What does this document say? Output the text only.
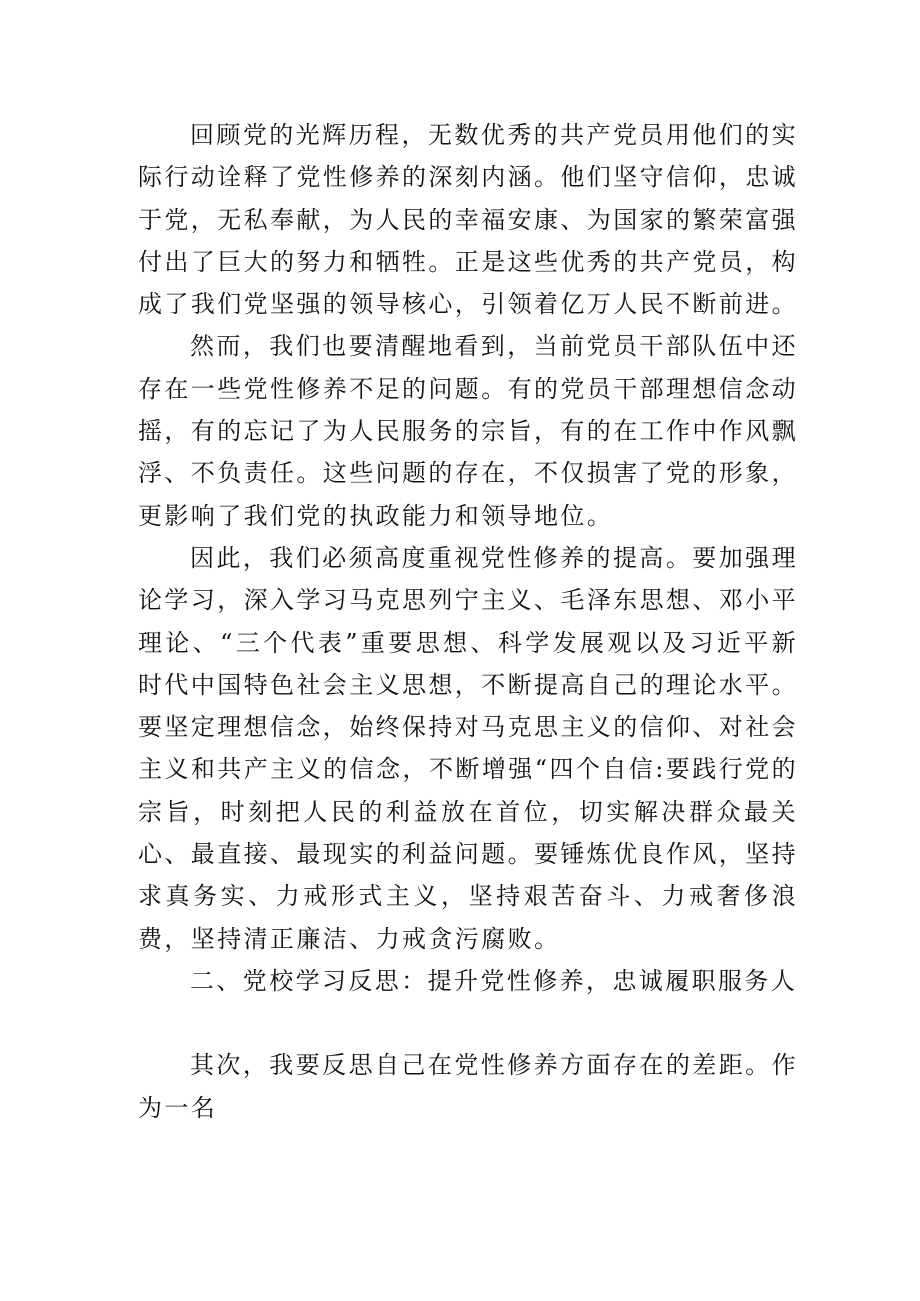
回顾党的光辉历程，无数优秀的共产党员用他们的实际行动诠释了党性修养的深刻内涵。他们坚守信仰，忠诚于党，无私奉献，为人民的幸福安康、为国家的繁荣富强付出了巨大的努力和牺牲。正是这些优秀的共产党员，构成了我们党坚强的领导核心，引领着亿万人民不断前进。

然而，我们也要清醒地看到，当前党员干部队伍中还存在一些党性修养不足的问题。有的党员干部理想信念动摇，有的忘记了为人民服务的宗旨，有的在工作中作风飘浮、不负责任。这些问题的存在，不仅损害了党的形象，更影响了我们党的执政能力和领导地位。

因此，我们必须高度重视党性修养的提高。要加强理论学习，深入学习马克思列宁主义、毛泽东思想、邓小平理论、“三个代表”重要思想、科学发展观以及习近平新时代中国特色社会主义思想，不断提高自己的理论水平。要坚定理想信念，始终保持对马克思主义的信仰、对社会主义和共产主义的信念，不断增强“四个自信:要践行党的宗旨，时刻把人民的利益放在首位，切实解决群众最关心、最直接、最现实的利益问题。要锤炼优良作风，坚持求真务实、力戒形式主义，坚持艰苦奋斗、力戒奢侈浪费，坚持清正廉洁、力戒贪污腐败。

二、党校学习反思：提升党性修养，忠诚履职服务人

其次，我要反思自己在党性修养方面存在的差距。作为一名
